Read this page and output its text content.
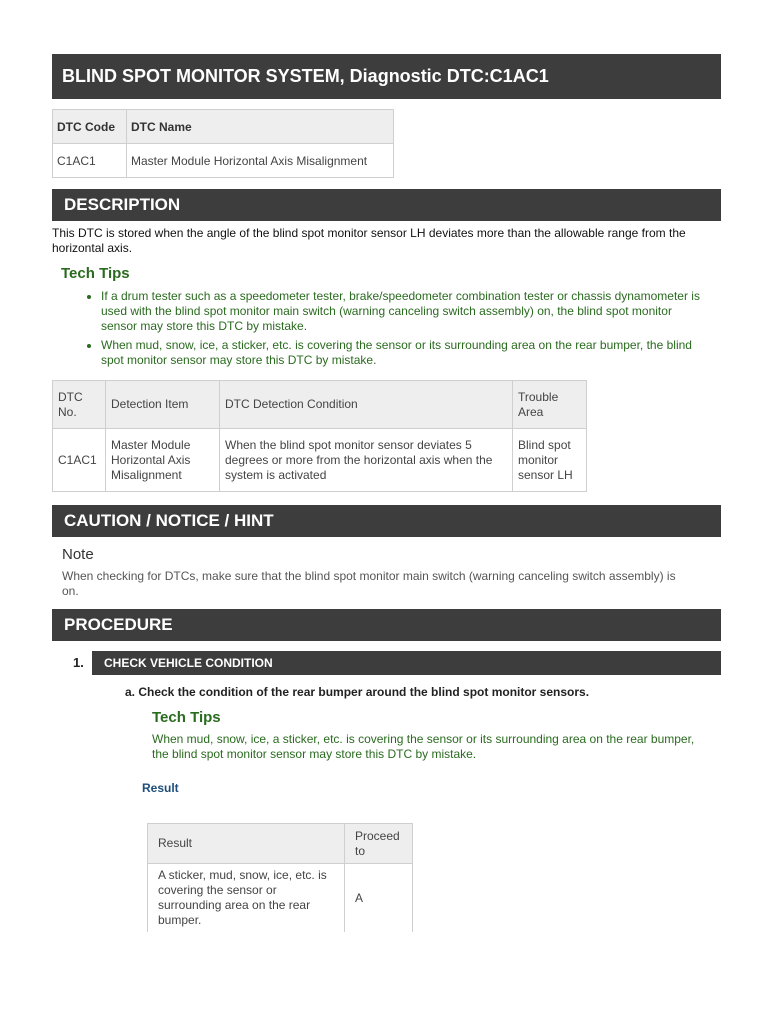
BLIND SPOT MONITOR SYSTEM, Diagnostic DTC:C1AC1
DTC Code	DTC Name
C1AC1	Master Module Horizontal Axis Misalignment
DESCRIPTION

This DTC is stored when the angle of the blind spot monitor sensor LH deviates more than the allowable range from the horizontal axis.

Tech Tips
• If a drum tester such as a speedometer tester, brake/speedometer combination tester or chassis dynamometer is used with the blind spot monitor main switch (warning canceling switch assembly) on, the blind spot monitor sensor may store this DTC by mistake.
• When mud, snow, ice, a sticker, etc. is covering the sensor or its surrounding area on the rear bumper, the blind spot monitor sensor may store this DTC by mistake.
DTC No.	Detection Item	DTC Detection Condition	Trouble Area
C1AC1	Master Module Horizontal Axis Misalignment	When the blind spot monitor sensor deviates 5 degrees or more from the horizontal axis when the system is activated	Blind spot monitor sensor LH
CAUTION / NOTICE / HINT
Note

When checking for DTCs, make sure that the blind spot monitor main switch (warning canceling switch assembly) is on.

PROCEDURE
1.	CHECK VEHICLE CONDITION
a. Check the condition of the rear bumper around the blind spot monitor sensors.
Tech Tips

When mud, snow, ice, a sticker, etc. is covering the sensor or its surrounding area on the rear bumper, the blind spot monitor sensor may store this DTC by mistake.

Result
Result	Proceed to
A sticker, mud, snow, ice, etc. is covering the sensor or surrounding area on the rear bumper.	A
